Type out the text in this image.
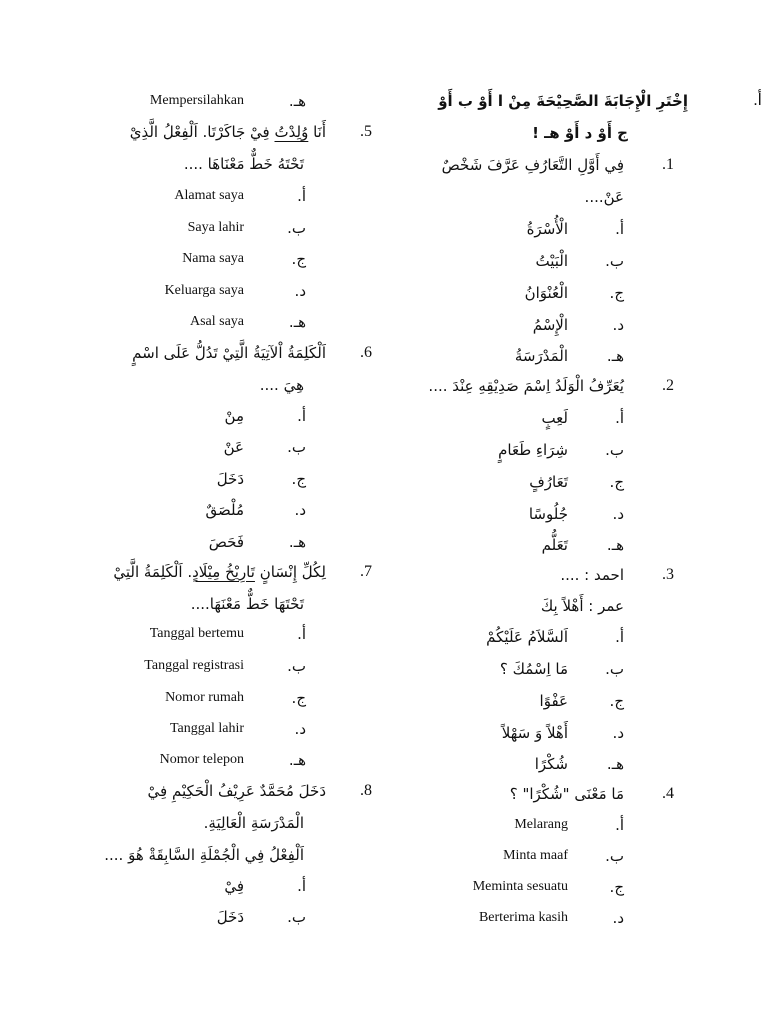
أ.
إِخْتَرِ الْإِجَابَةَ الصَّحِيْحَةَ مِنْ ا أَوْ ب أَوْ
ج أَوْ د أَوْ هـ !
1.
فِي أَوَّلِ التَّعَارُفِ عَرَّفَ شَخْصٌ
عَنْ....
أ.
الْأُسْرَةُ
ب.
الْبَيْتُ
ج.
الْعُنْوَانُ
د.
الْإِسْمُ
هـ.
الْمَدْرَسَةُ
2.
يُعَرِّفُ الْوَلَدُ اِسْمَ صَدِيْقِهِ عِنْدَ ....
أ.
لَعِبٍ
ب.
شِرَاءِ طَعَامٍ
ج.
تَعَارُفٍ
د.
جُلُوسًا
هـ.
تَعَلُّم
3.
احمد : ....
عمر : أَهْلاً بِكَ
أ.
اَلسَّلاَمُ عَلَيْكُمْ
ب.
مَا اِسْمُكَ ؟
ج.
عَفْوًا
د.
أَهْلاً وَ سَهْلاً
هـ.
شُكْرًا
4.
مَا مَعْنَى "شُكْرًا" ؟
أ.
Melarang
ب.
Minta maaf
ج.
Meminta sesuatu
د.
Berterima kasih
هـ.
Mempersilahkan
5.
أَنَا وُلِدْتُ فِيْ جَاكَرْتَا. اَلْفِعْلُ الَّذِيْ
تَحْتَهُ خَطٌّ مَعْنَاهَا ....
أ.
Alamat saya
ب.
Saya lahir
ج.
Nama saya
د.
Keluarga saya
هـ.
Asal saya
6.
اَلْكَلِمَةُ اْلآتِيَةُ الَّتِيْ تَدُلُّ عَلَى اسْمٍ
هِيَ ....
أ.
مِنْ
ب.
عَنْ
ج.
دَخَلَ
د.
مُلْصَقٌ
هـ.
فَحَصَ
7.
لِكُلِّ إِنْسَانٍ تَارِيْخُ مِيْلَادٍ. اَلْكَلِمَةُ الَّتِيْ
تَحْتَهَا خَطٌّ مَعْنَهَا....
أ.
Tanggal bertemu
ب.
Tanggal registrasi
ج.
Nomor rumah
د.
Tanggal lahir
هـ.
Nomor telepon
8.
دَخَلَ مُحَمَّدٌ عَرِيْفُ الْحَكِيْمِ فِيْ
الْمَدْرَسَةِ الْعَالِيَةِ.
اَلْفِعْلُ فِي الْجُمْلَةِ السَّابِقَةْ هُوَ ....
أ.
فِيْ
ب.
دَخَلَ
